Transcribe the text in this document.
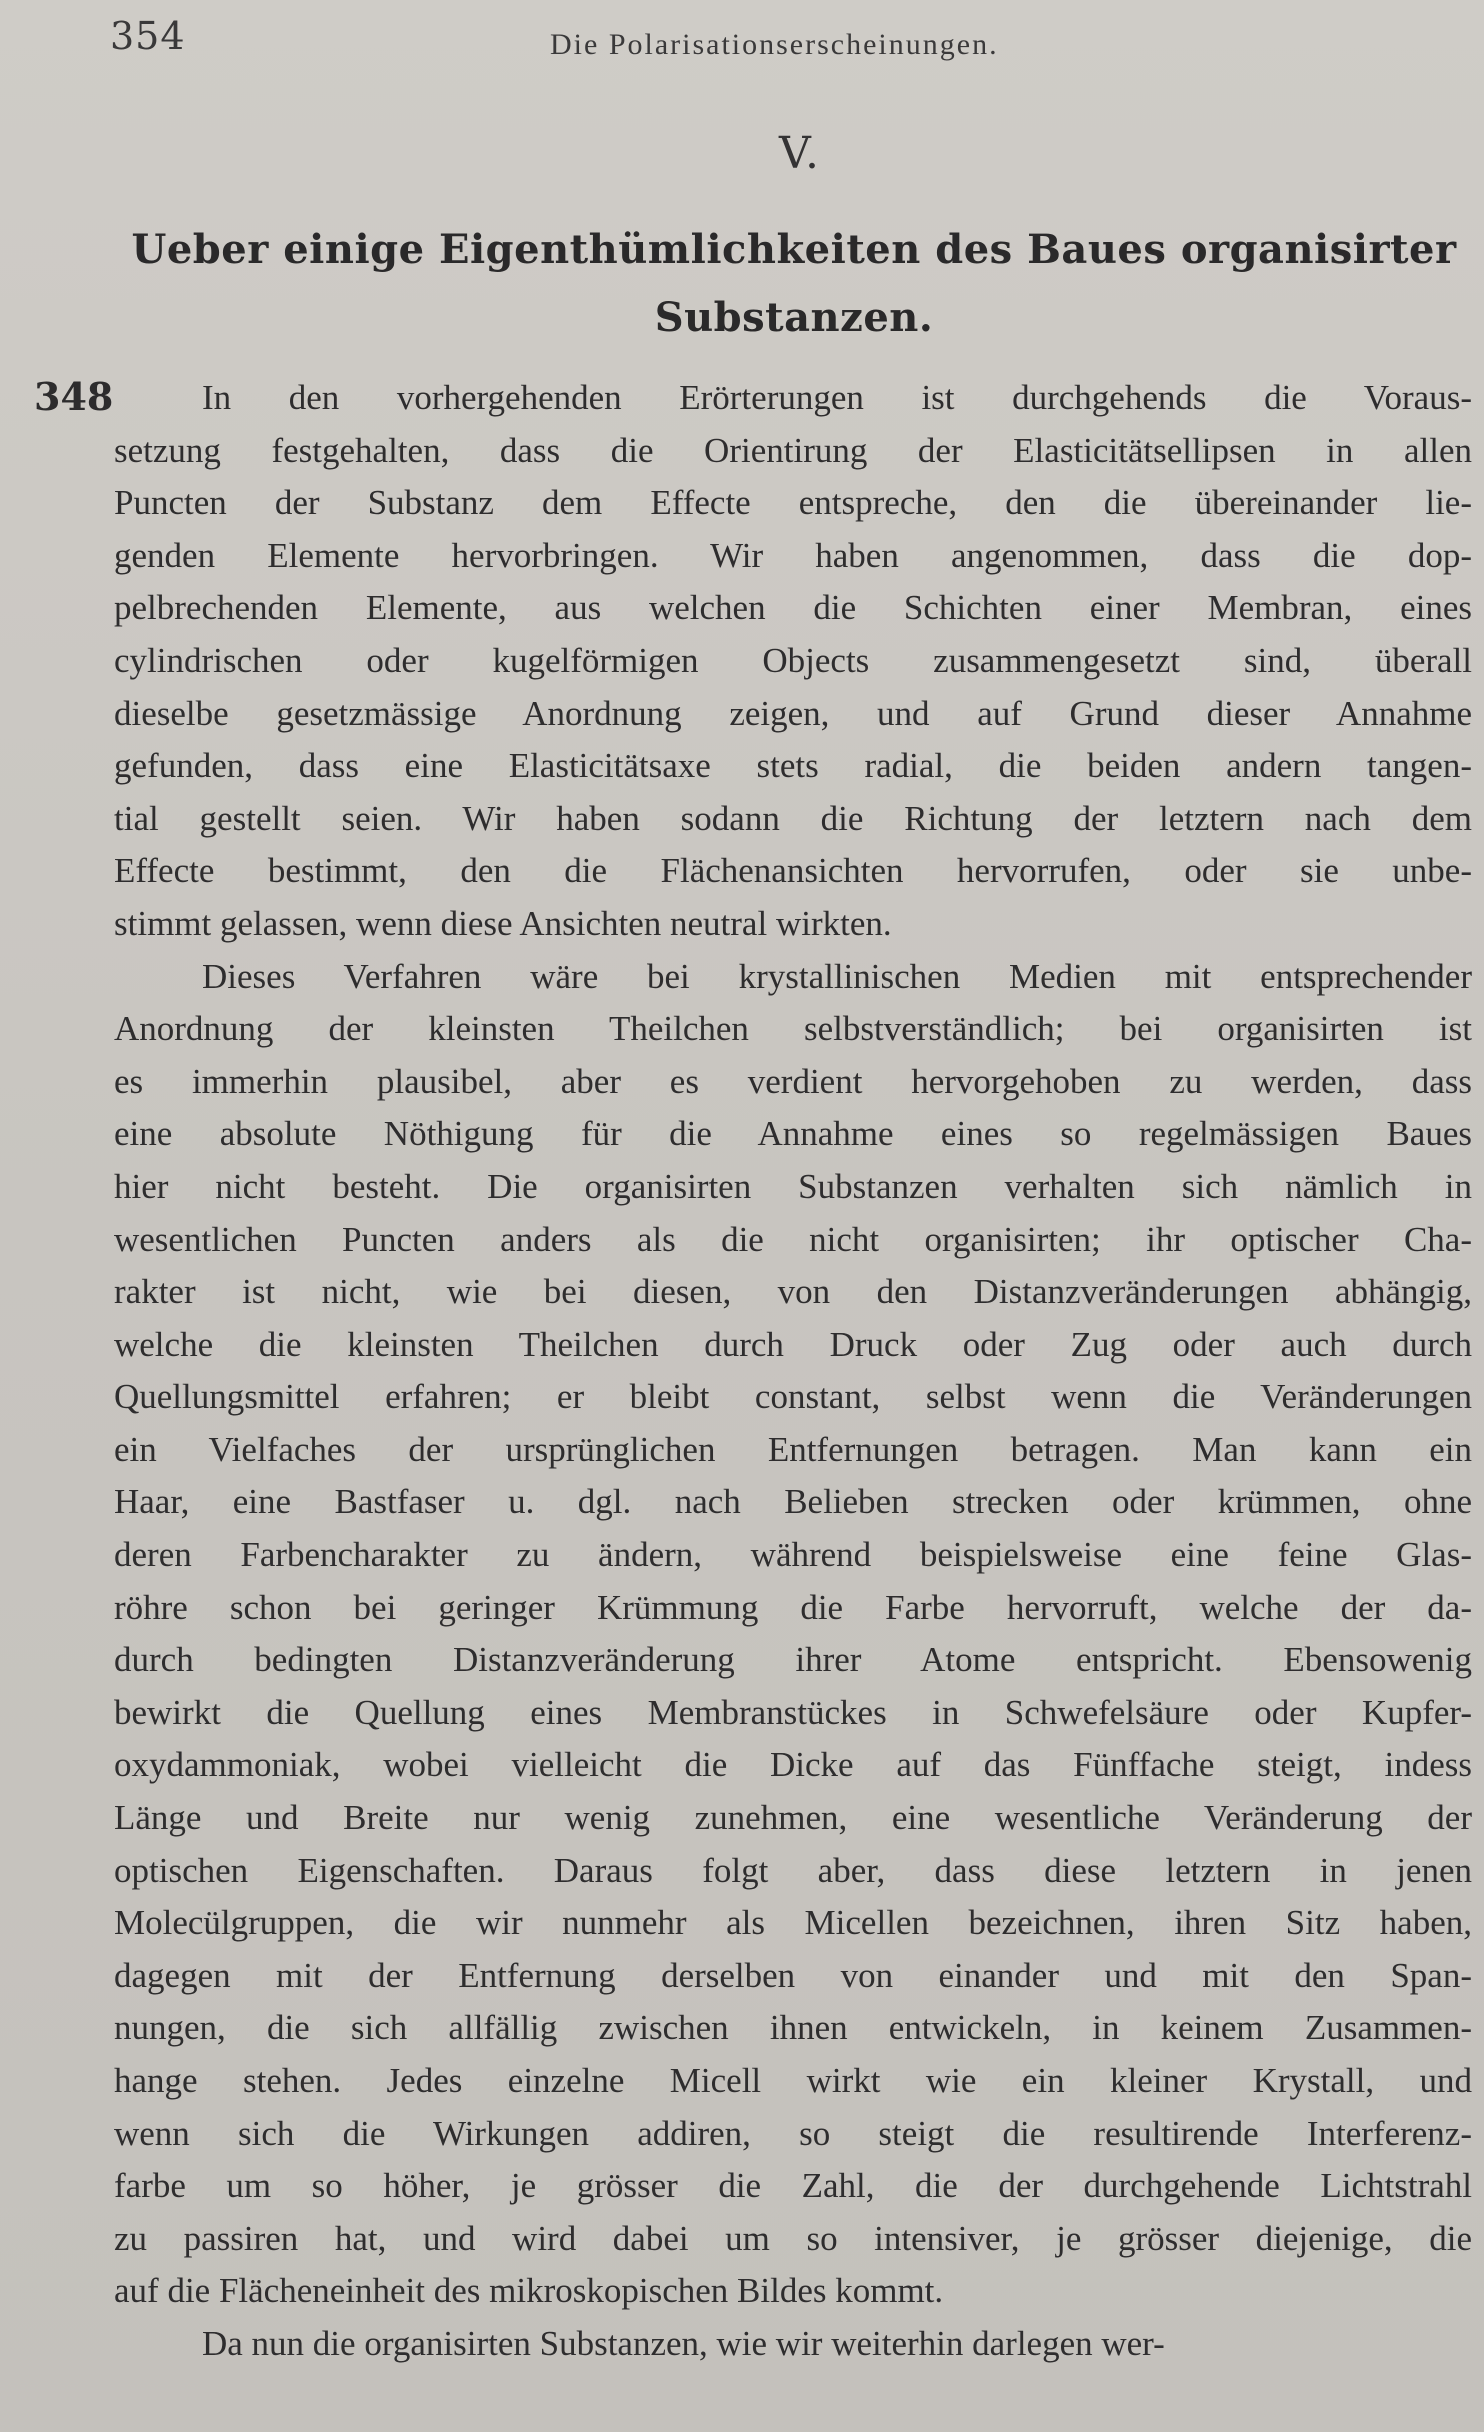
354	Die Polarisationserscheinungen.
V.
Ueber einige Eigenthümlichkeiten des Baues organisirter
Substanzen.
348	In den vorhergehenden Erörterungen ist durchgehends die Voraus-
setzung festgehalten, dass die Orientirung der Elasticitätsellipsen in allen
Puncten der Substanz dem Effecte entspreche, den die übereinander lie-
genden Elemente hervorbringen. Wir haben angenommen, dass die dop-
pelbrechenden Elemente, aus welchen die Schichten einer Membran, eines
cylindrischen oder kugelförmigen Objects zusammengesetzt sind, überall
dieselbe gesetzmässige Anordnung zeigen, und auf Grund dieser Annahme
gefunden, dass eine Elasticitätsaxe stets radial, die beiden andern tangen-
tial gestellt seien. Wir haben sodann die Richtung der letztern nach dem
Effecte bestimmt, den die Flächenansichten hervorrufen, oder sie unbe-
stimmt gelassen, wenn diese Ansichten neutral wirkten.
Dieses Verfahren wäre bei krystallinischen Medien mit entsprechender
Anordnung der kleinsten Theilchen selbstverständlich; bei organisirten ist
es immerhin plausibel, aber es verdient hervorgehoben zu werden, dass
eine absolute Nöthigung für die Annahme eines so regelmässigen Baues
hier nicht besteht. Die organisirten Substanzen verhalten sich nämlich in
wesentlichen Puncten anders als die nicht organisirten; ihr optischer Cha-
rakter ist nicht, wie bei diesen, von den Distanzveränderungen abhängig,
welche die kleinsten Theilchen durch Druck oder Zug oder auch durch
Quellungsmittel erfahren; er bleibt constant, selbst wenn die Veränderungen
ein Vielfaches der ursprünglichen Entfernungen betragen. Man kann ein
Haar, eine Bastfaser u. dgl. nach Belieben strecken oder krümmen, ohne
deren Farbencharakter zu ändern, während beispielsweise eine feine Glas-
röhre schon bei geringer Krümmung die Farbe hervorruft, welche der da-
durch bedingten Distanzveränderung ihrer Atome entspricht. Ebensowenig
bewirkt die Quellung eines Membranstückes in Schwefelsäure oder Kupfer-
oxydammoniak, wobei vielleicht die Dicke auf das Fünffache steigt, indess
Länge und Breite nur wenig zunehmen, eine wesentliche Veränderung der
optischen Eigenschaften. Daraus folgt aber, dass diese letztern in jenen
Molecülgruppen, die wir nunmehr als Micellen bezeichnen, ihren Sitz haben,
dagegen mit der Entfernung derselben von einander und mit den Span-
nungen, die sich allfällig zwischen ihnen entwickeln, in keinem Zusammen-
hange stehen. Jedes einzelne Micell wirkt wie ein kleiner Krystall, und
wenn sich die Wirkungen addiren, so steigt die resultirende Interferenz-
farbe um so höher, je grösser die Zahl, die der durchgehende Lichtstrahl
zu passiren hat, und wird dabei um so intensiver, je grösser diejenige, die
auf die Flächeneinheit des mikroskopischen Bildes kommt.
Da nun die organisirten Substanzen, wie wir weiterhin darlegen wer-
